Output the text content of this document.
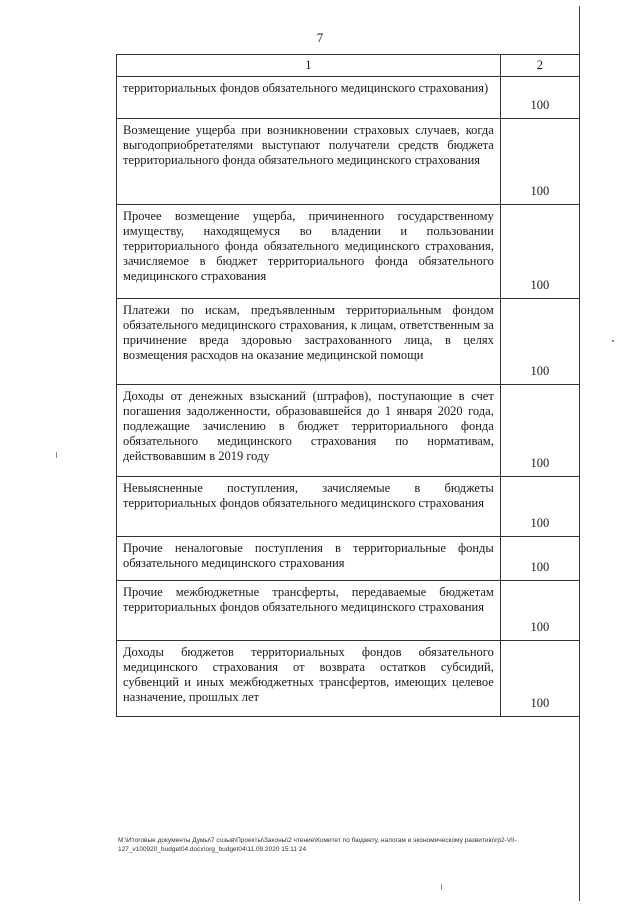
7
1	2
территориальных фондов обязательного медицинского страхования)	100
Возмещение ущерба при возникновении страховых случаев, когда выгодоприобретателями выступают получатели средств бюджета территориального фонда обязательного медицинского страхования	100
Прочее возмещение ущерба, причиненного государственному имуществу, находящемуся во владении и пользовании территориального фонда обязательного медицинского страхования, зачисляемое в бюджет территориального фонда обязательного медицинского страхования	100
Платежи по искам, предъявленным территориальным фондом обязательного медицинского страхования, к лицам, ответственным за причинение вреда здоровью застрахованного лица, в целях возмещения расходов на оказание медицинской помощи	100
Доходы от денежных взысканий (штрафов), поступающие в счет погашения задолженности, образовавшейся до 1 января 2020 года, подлежащие зачислению в бюджет территориального фонда обязательного медицинского страхования по нормативам, действовавшим в 2019 году	100
Невыясненные поступления, зачисляемые в бюджеты территориальных фондов обязательного медицинского страхования	100
Прочие неналоговые поступления в территориальные фонды обязательного медицинского страхования	100
Прочие межбюджетные трансферты, передаваемые бюджетам территориальных фондов обязательного медицинского страхования	100
Доходы бюджетов территориальных фондов обязательного медицинского страхования от возврата остатков субсидий, субвенций и иных межбюджетных трансфертов, имеющих целевое назначение, прошлых лет	100
M:\Итоговые документы Думы\7 созыв\Проекты\Законы\2 чтение\Комитет по бюджету, налогам и экономическому развитию\rp2-VII-
127_v100920_budget04.docx\org_budget04\11.09.2020 15:11 24
